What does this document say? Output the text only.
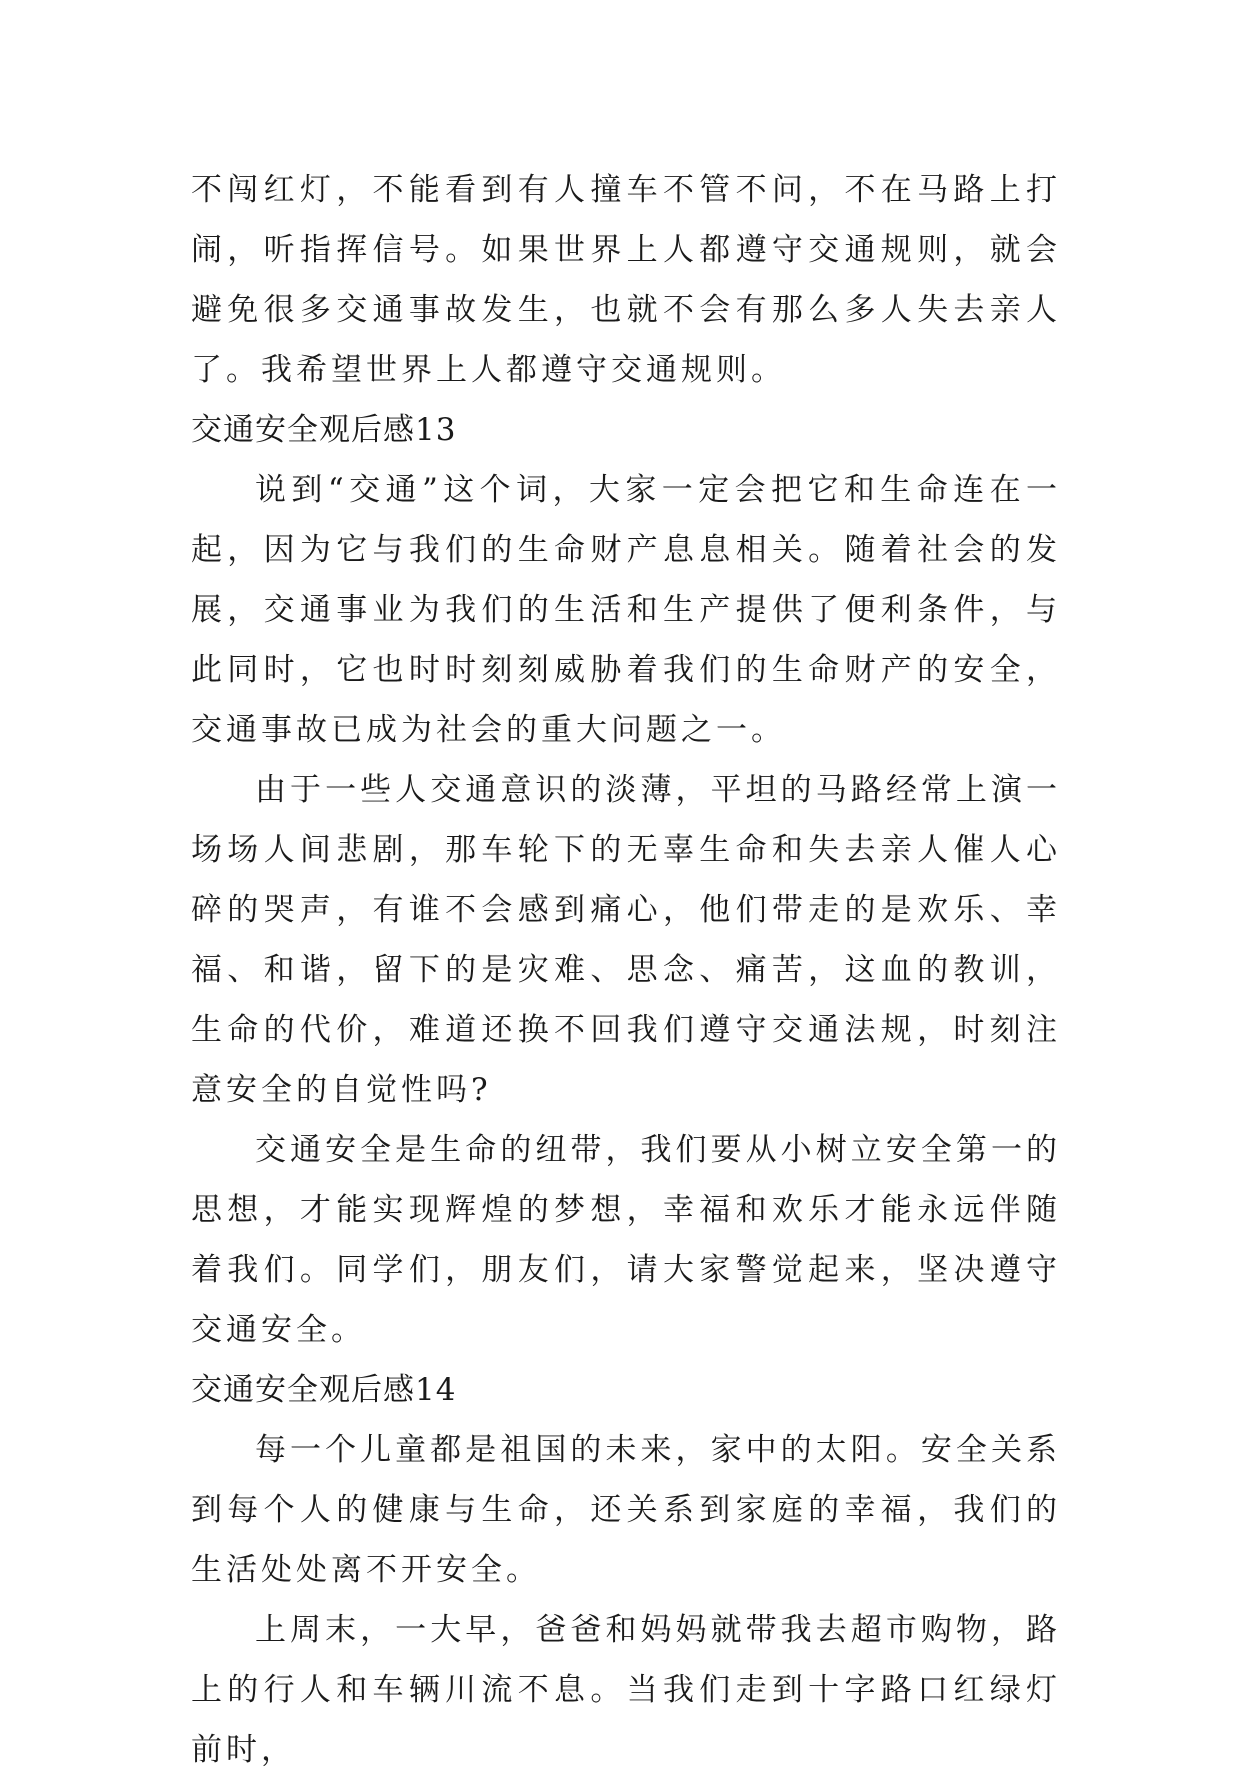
不闯红灯，不能看到有人撞车不管不问，不在马路上打闹，听指挥信号。如果世界上人都遵守交通规则，就会避免很多交通事故发生，也就不会有那么多人失去亲人了。我希望世界上人都遵守交通规则。

交通安全观后感13

说到“交通”这个词，大家一定会把它和生命连在一起，因为它与我们的生命财产息息相关。随着社会的发展，交通事业为我们的生活和生产提供了便利条件，与此同时，它也时时刻刻威胁着我们的生命财产的安全，交通事故已成为社会的重大问题之一。

由于一些人交通意识的淡薄，平坦的马路经常上演一场场人间悲剧，那车轮下的无辜生命和失去亲人催人心碎的哭声，有谁不会感到痛心，他们带走的是欢乐、幸福、和谐，留下的是灾难、思念、痛苦，这血的教训，生命的代价，难道还换不回我们遵守交通法规，时刻注意安全的自觉性吗?

交通安全是生命的纽带，我们要从小树立安全第一的思想，才能实现辉煌的梦想，幸福和欢乐才能永远伴随着我们。同学们，朋友们，请大家警觉起来，坚决遵守交通安全。

交通安全观后感14

每一个儿童都是祖国的未来，家中的太阳。安全关系到每个人的健康与生命，还关系到家庭的幸福，我们的生活处处离不开安全。

上周末，一大早，爸爸和妈妈就带我去超市购物，路上的行人和车辆川流不息。当我们走到十字路口红绿灯前时，
